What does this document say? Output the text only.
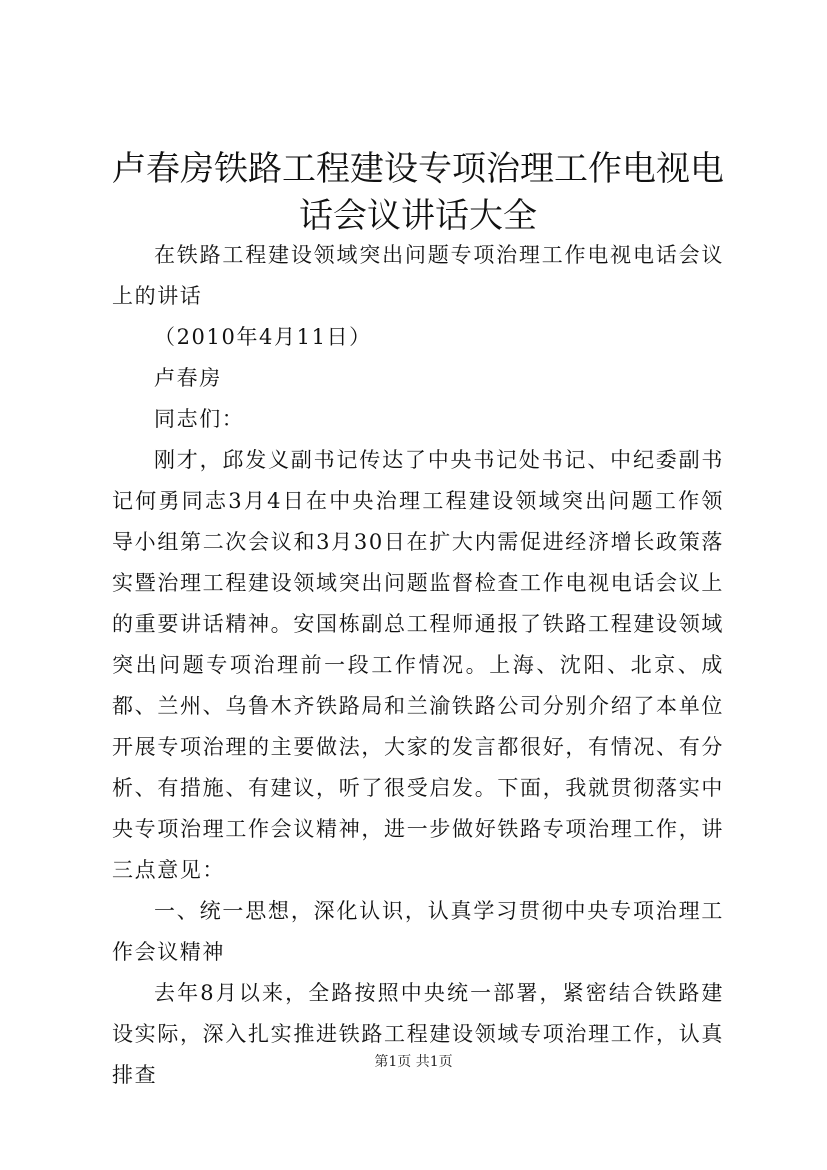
卢春房铁路工程建设专项治理工作电视电话会议讲话大全

在铁路工程建设领域突出问题专项治理工作电视电话会议上的讲话

（2010年4月11日）

卢春房

同志们：

刚才，邱发义副书记传达了中央书记处书记、中纪委副书记何勇同志3月4日在中央治理工程建设领域突出问题工作领导小组第二次会议和3月30日在扩大内需促进经济增长政策落实暨治理工程建设领域突出问题监督检查工作电视电话会议上的重要讲话精神。安国栋副总工程师通报了铁路工程建设领域突出问题专项治理前一段工作情况。上海、沈阳、北京、成都、兰州、乌鲁木齐铁路局和兰渝铁路公司分别介绍了本单位开展专项治理的主要做法，大家的发言都很好，有情况、有分析、有措施、有建议，听了很受启发。下面，我就贯彻落实中央专项治理工作会议精神，进一步做好铁路专项治理工作，讲三点意见：

一、统一思想，深化认识，认真学习贯彻中央专项治理工作会议精神

去年8月以来，全路按照中央统一部署，紧密结合铁路建设实际，深入扎实推进铁路工程建设领域专项治理工作，认真排查

第1页 共1页
